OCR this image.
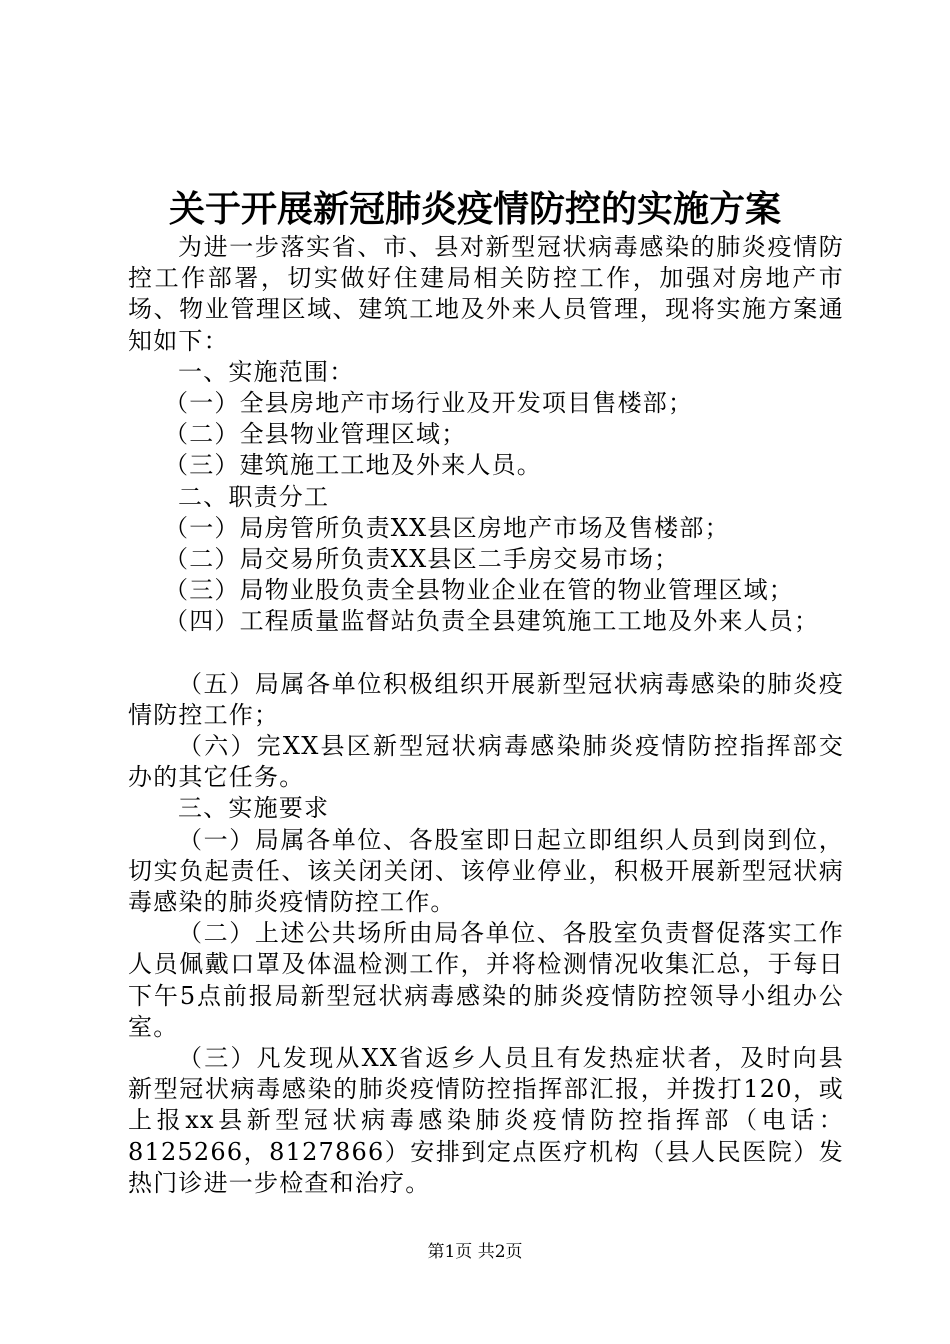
关于开展新冠肺炎疫情防控的实施方案

为进一步落实省、市、县对新型冠状病毒感染的肺炎疫情防控工作部署，切实做好住建局相关防控工作，加强对房地产市场、物业管理区域、建筑工地及外来人员管理，现将实施方案通知如下：

一、实施范围：

（一）全县房地产市场行业及开发项目售楼部；

（二）全县物业管理区域；

（三）建筑施工工地及外来人员。

二、职责分工

（一）局房管所负责XX县区房地产市场及售楼部；

（二）局交易所负责XX县区二手房交易市场；

（三）局物业股负责全县物业企业在管的物业管理区域；

（四）工程质量监督站负责全县建筑施工工地及外来人员；

（五）局属各单位积极组织开展新型冠状病毒感染的肺炎疫情防控工作；

（六）完XX县区新型冠状病毒感染肺炎疫情防控指挥部交办的其它任务。

三、实施要求

（一）局属各单位、各股室即日起立即组织人员到岗到位，切实负起责任、该关闭关闭、该停业停业，积极开展新型冠状病毒感染的肺炎疫情防控工作。

（二）上述公共场所由局各单位、各股室负责督促落实工作人员佩戴口罩及体温检测工作，并将检测情况收集汇总，于每日下午5点前报局新型冠状病毒感染的肺炎疫情防控领导小组办公室。

（三）凡发现从XX省返乡人员且有发热症状者，及时向县新型冠状病毒感染的肺炎疫情防控指挥部汇报，并拨打120，或上报xx县新型冠状病毒感染肺炎疫情防控指挥部（电话：8125266，8127866）安排到定点医疗机构（县人民医院）发热门诊进一步检查和治疗。

第1页 共2页
